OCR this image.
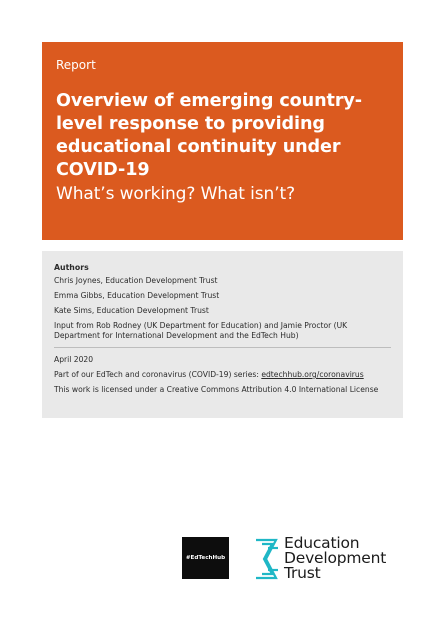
Report
Overview of emerging country-level response to providing educational continuity under COVID-19
What’s working? What isn’t?
Authors
Chris Joynes, Education Development Trust
Emma Gibbs, Education Development Trust
Kate Sims, Education Development Trust
Input from Rob Rodney (UK Department for Education) and Jamie Proctor (UK Department for International Development and the EdTech Hub)
April 2020
Part of our EdTech and coronavirus (COVID-19) series: edtechhub.org/coronavirus
This work is licensed under a Creative Commons Attribution 4.0 International License
#EdTechHub
Education
Development
Trust
